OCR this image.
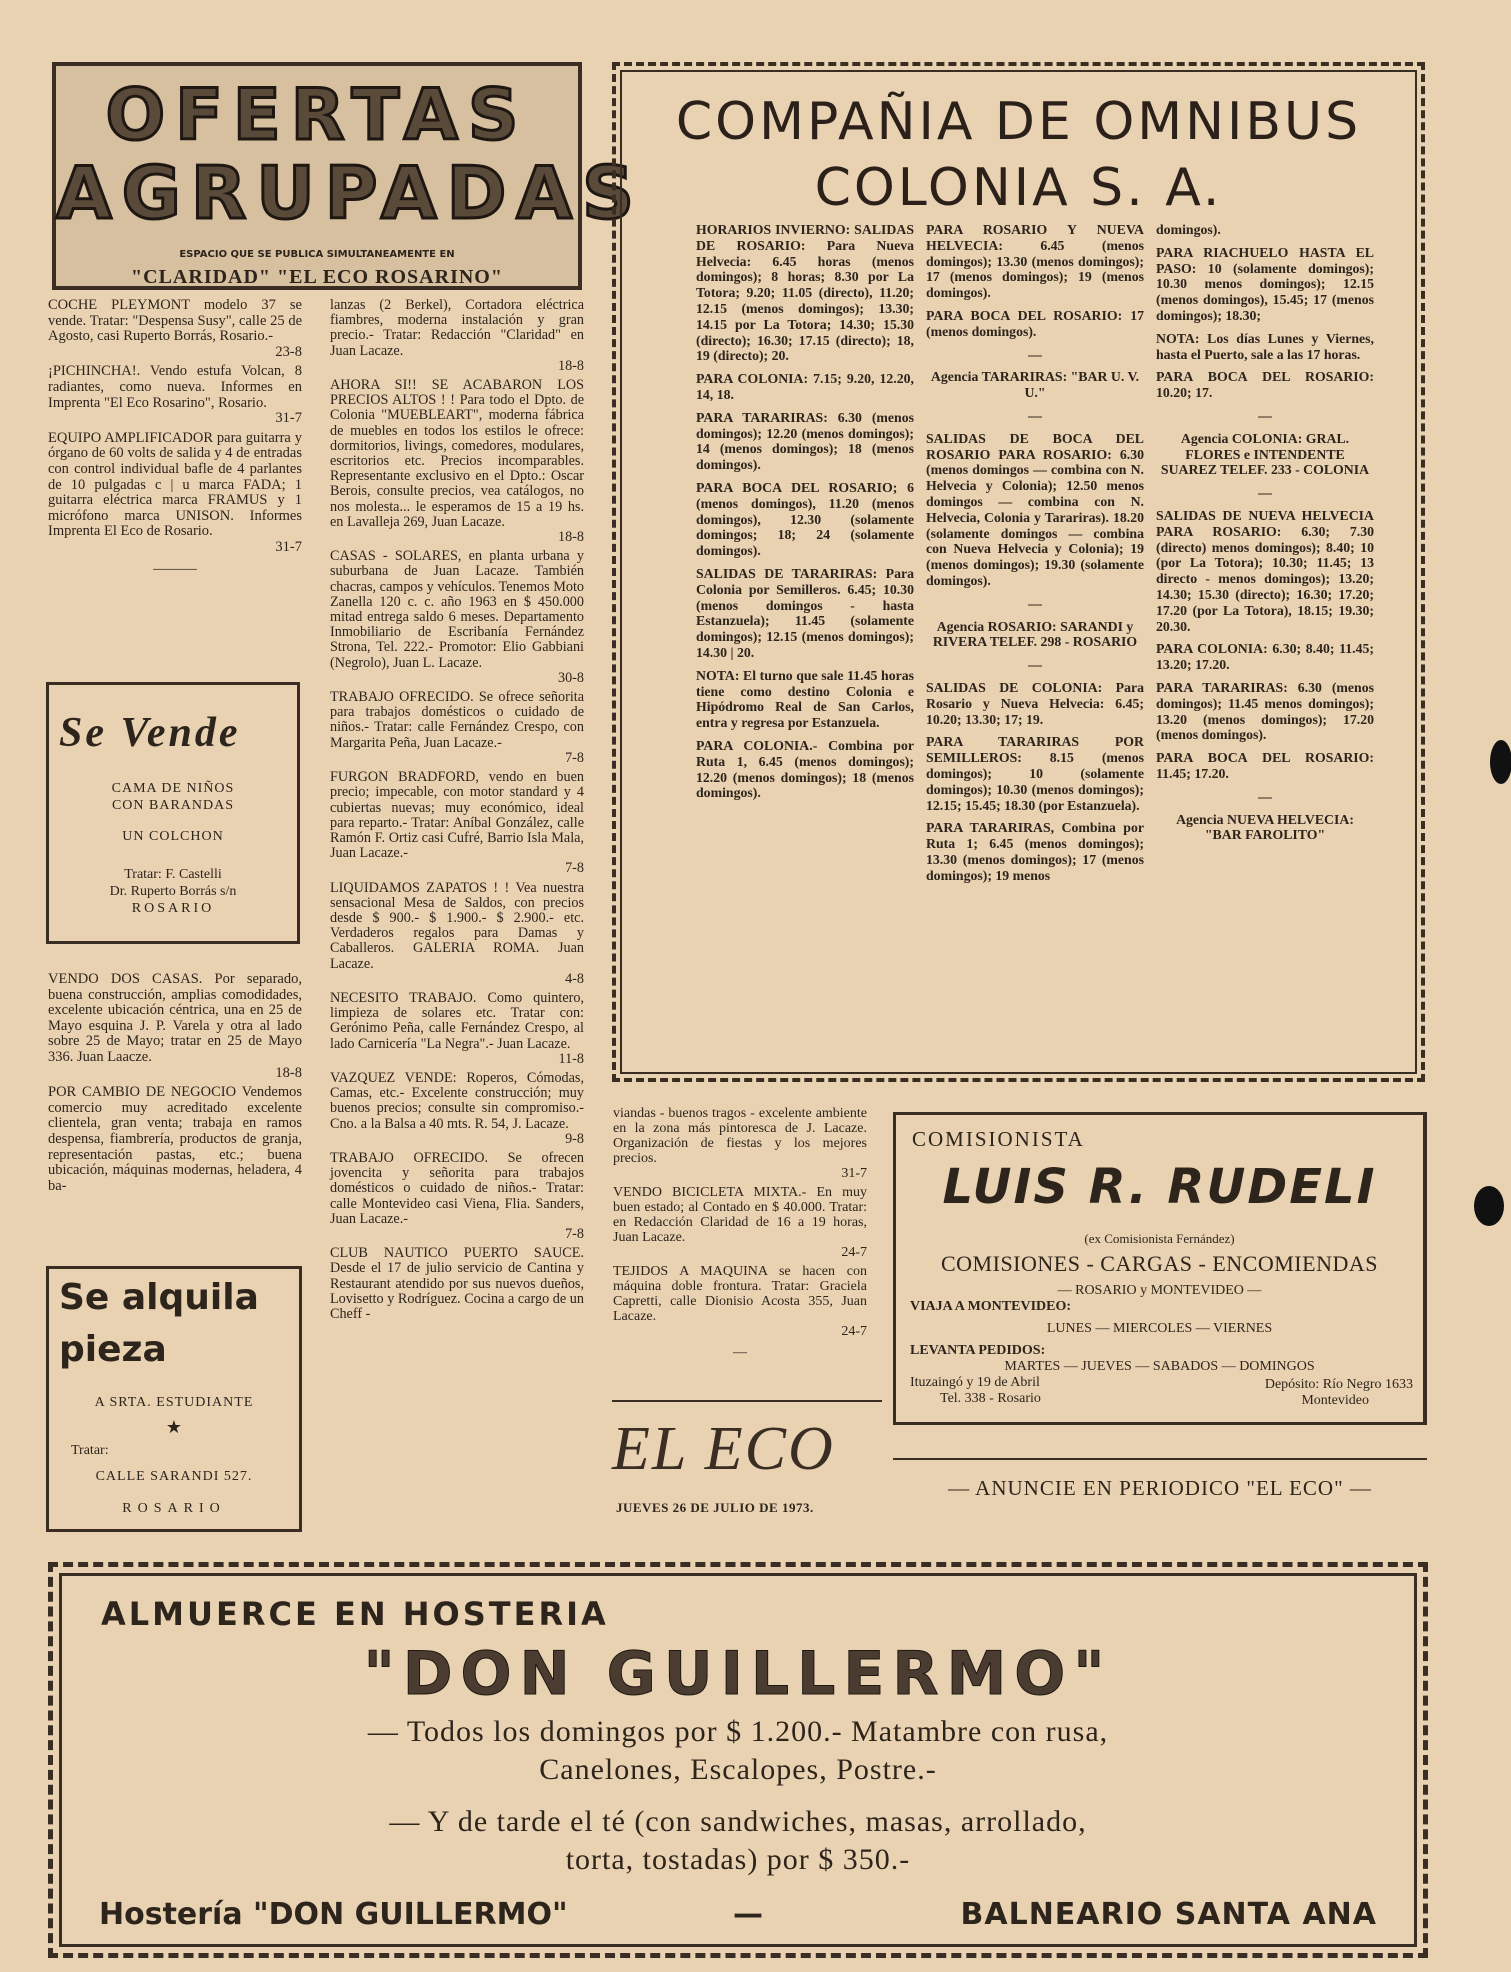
OFERTAS
AGRUPADAS
ESPACIO QUE SE PUBLICA SIMULTANEAMENTE EN
"CLARIDAD" "EL ECO ROSARINO"

COCHE PLEYMONT modelo 37 se vende. Tratar: "Despensa Susy", calle 25 de Agosto, casi Ruperto Borrás, Rosario.-
23-8

¡PICHINCHA!. Vendo estufa Volcan, 8 radiantes, como nueva. Informes en Imprenta "El Eco Rosarino", Rosario.
31-7

EQUIPO AMPLIFICADOR para guitarra y órgano de 60 volts de salida y 4 de entradas con control individual bafle de 4 parlantes de 10 pulgadas c | u marca FADA; 1 guitarra eléctrica marca FRAMUS y 1 micrófono marca UNISON. Informes Imprenta El Eco de Rosario.
31-7

———
Se Vende
CAMA DE NIÑOS
CON BARANDAS
UN COLCHON
Tratar: F. Castelli
Dr. Ruperto Borrás s/n
ROSARIO

VENDO DOS CASAS. Por separado, buena construcción, amplias comodidades, excelente ubicación céntrica, una en 25 de Mayo esquina J. P. Varela y otra al lado sobre 25 de Mayo; tratar en 25 de Mayo 336. Juan Laacze.
18-8

POR CAMBIO DE NEGOCIO Vendemos comercio muy acreditado excelente clientela, gran venta; trabaja en ramos despensa, fiambrería, productos de granja, representación pastas, etc.; buena ubicación, máquinas modernas, heladera, 4 ba-

Se alquila
pieza
A SRTA. ESTUDIANTE
★
Tratar:
CALLE SARANDI 527.
ROSARIO

lanzas (2 Berkel), Cortadora eléctrica fiambres, moderna instalación y gran precio.- Tratar: Redacción "Claridad" en Juan Lacaze.
18-8

AHORA SI!! SE ACABARON LOS PRECIOS ALTOS ! ! Para todo el Dpto. de Colonia "MUEBLEART", moderna fábrica de muebles en todos los estilos le ofrece: dormitorios, livings, comedores, modulares, escritorios etc. Precios incomparables. Representante exclusivo en el Dpto.: Oscar Berois, consulte precios, vea catálogos, no nos molesta... le esperamos de 15 a 19 hs. en Lavalleja 269, Juan Lacaze.
18-8

CASAS - SOLARES, en planta urbana y suburbana de Juan Lacaze. También chacras, campos y vehículos. Tenemos Moto Zanella 120 c. c. año 1963 en $ 450.000 mitad entrega saldo 6 meses. Departamento Inmobiliario de Escribanía Fernández Strona, Tel. 222.- Promotor: Elio Gabbiani (Negrolo), Juan L. Lacaze.
30-8

TRABAJO OFRECIDO. Se ofrece señorita para trabajos domésticos o cuidado de niños.- Tratar: calle Fernández Crespo, con Margarita Peña, Juan Lacaze.-
7-8

FURGON BRADFORD, vendo en buen precio; impecable, con motor standard y 4 cubiertas nuevas; muy económico, ideal para reparto.- Tratar: Aníbal González, calle Ramón F. Ortiz casi Cufré, Barrio Isla Mala, Juan Lacaze.-
7-8

LIQUIDAMOS ZAPATOS ! ! Vea nuestra sensacional Mesa de Saldos, con precios desde $ 900.- $ 1.900.- $ 2.900.- etc. Verdaderos regalos para Damas y Caballeros. GALERIA ROMA. Juan Lacaze.
4-8

NECESITO TRABAJO. Como quintero, limpieza de solares etc. Tratar con: Gerónimo Peña, calle Fernández Crespo, al lado Carnicería "La Negra".- Juan Lacaze.
11-8

VAZQUEZ VENDE: Roperos, Cómodas, Camas, etc.- Excelente construcción; muy buenos precios; consulte sin compromiso.- Cno. a la Balsa a 40 mts. R. 54, J. Lacaze.
9-8

TRABAJO OFRECIDO. Se ofrecen jovencita y señorita para trabajos domésticos o cuidado de niños.- Tratar: calle Montevideo casi Viena, Flia. Sanders, Juan Lacaze.-
7-8

CLUB NAUTICO PUERTO SAUCE. Desde el 17 de julio servicio de Cantina y Restaurant atendido por sus nuevos dueños, Lovisetto y Rodríguez. Cocina a cargo de un Cheff -

COMPAÑIA DE OMNIBUS
COLONIA S. A.

HORARIOS INVIERNO: SALIDAS DE ROSARIO: Para Nueva Helvecia: 6.45 horas (menos domingos); 8 horas; 8.30 por La Totora; 9.20; 11.05 (directo), 11.20; 12.15 (menos domingos); 13.30; 14.15 por La Totora; 14.30; 15.30 (directo); 16.30; 17.15 (directo); 18, 19 (directo); 20.

PARA COLONIA: 7.15; 9.20, 12.20, 14, 18.

PARA TARARIRAS: 6.30 (menos domingos); 12.20 (menos domingos); 14 (menos domingos); 18 (menos domingos).

PARA BOCA DEL ROSARIO; 6 (menos domingos), 11.20 (menos domingos), 12.30 (solamente domingos; 18; 24 (solamente domingos).

SALIDAS DE TARARIRAS: Para Colonia por Semilleros. 6.45; 10.30 (menos domingos - hasta Estanzuela); 11.45 (solamente domingos); 12.15 (menos domingos); 14.30 | 20.

NOTA: El turno que sale 11.45 horas tiene como destino Colonia e Hipódromo Real de San Carlos, entra y regresa por Estanzuela.

PARA COLONIA.- Combina por Ruta 1, 6.45 (menos domingos); 12.20 (menos domingos); 18 (menos domingos).

PARA ROSARIO Y NUEVA HELVECIA: 6.45 (menos domingos); 13.30 (menos domingos); 17 (menos domingos); 19 (menos domingos).

PARA BOCA DEL ROSARIO: 17 (menos domingos).

—

Agencia TARARIRAS: "BAR U. V. U."

—

SALIDAS DE BOCA DEL ROSARIO PARA ROSARIO: 6.30 (menos domingos — combina con N. Helvecia y Colonia); 12.50 menos domingos — combina con N. Helvecia, Colonia y Tarariras). 18.20 (solamente domingos — combina con Nueva Helvecia y Colonia); 19 (menos domingos); 19.30 (solamente domingos).

—

Agencia ROSARIO: SARANDI y RIVERA TELEF. 298 - ROSARIO

—

SALIDAS DE COLONIA: Para Rosario y Nueva Helvecia: 6.45; 10.20; 13.30; 17; 19.

PARA TARARIRAS POR SEMILLEROS: 8.15 (menos domingos); 10 (solamente domingos); 10.30 (menos domingos); 12.15; 15.45; 18.30 (por Estanzuela).

PARA TARARIRAS, Combina por Ruta 1; 6.45 (menos domingos); 13.30 (menos domingos); 17 (menos domingos); 19 menos

domingos).

PARA RIACHUELO HASTA EL PASO: 10 (solamente domingos); 10.30 menos domingos); 12.15 (menos domingos), 15.45; 17 (menos domingos); 18.30;

NOTA: Los días Lunes y Viernes, hasta el Puerto, sale a las 17 horas.

PARA BOCA DEL ROSARIO: 10.20; 17.

—

Agencia COLONIA: GRAL. FLORES e INTENDENTE SUAREZ TELEF. 233 - COLONIA

—

SALIDAS DE NUEVA HELVECIA PARA ROSARIO: 6.30; 7.30 (directo) menos domingos); 8.40; 10 (por La Totora); 10.30; 11.45; 13 directo - menos domingos); 13.20; 14.30; 15.30 (directo); 16.30; 17.20; 17.20 (por La Totora), 18.15; 19.30; 20.30.

PARA COLONIA: 6.30; 8.40; 11.45; 13.20; 17.20.

PARA TARARIRAS: 6.30 (menos domingos); 11.45 menos domingos); 13.20 (menos domingos); 17.20 (menos domingos).

PARA BOCA DEL ROSARIO: 11.45; 17.20.

—

Agencia NUEVA HELVECIA: "BAR FAROLITO"

viandas - buenos tragos - excelente ambiente en la zona más pintoresca de J. Lacaze. Organización de fiestas y los mejores precios.
31-7

VENDO BICICLETA MIXTA.- En muy buen estado; al Contado en $ 40.000. Tratar: en Redacción Claridad de 16 a 19 horas, Juan Lacaze.
24-7

TEJIDOS A MAQUINA se hacen con máquina doble frontura. Tratar: Graciela Capretti, calle Dionisio Acosta 355, Juan Lacaze.
24-7

—
EL ECO
JUEVES 26 DE JULIO DE 1973.
COMISIONISTA
LUIS R. RUDELI
(ex Comisionista Fernández)
COMISIONES - CARGAS - ENCOMIENDAS
— ROSARIO y MONTEVIDEO —
VIAJA A MONTEVIDEO:
LUNES — MIERCOLES — VIERNES
LEVANTA PEDIDOS:
MARTES — JUEVES — SABADOS — DOMINGOS
Ituzaingó y 19 de Abril
Tel. 338 - Rosario
Depósito: Río Negro 1633
Montevideo
— ANUNCIE EN PERIODICO "EL ECO" —
ALMUERCE EN HOSTERIA
"DON GUILLERMO"
— Todos los domingos por $ 1.200.- Matambre con rusa,
Canelones, Escalopes, Postre.-
— Y de tarde el té (con sandwiches, masas, arrollado,
torta, tostadas) por $ 350.-
Hostería "DON GUILLERMO"	—	BALNEARIO SANTA ANA
